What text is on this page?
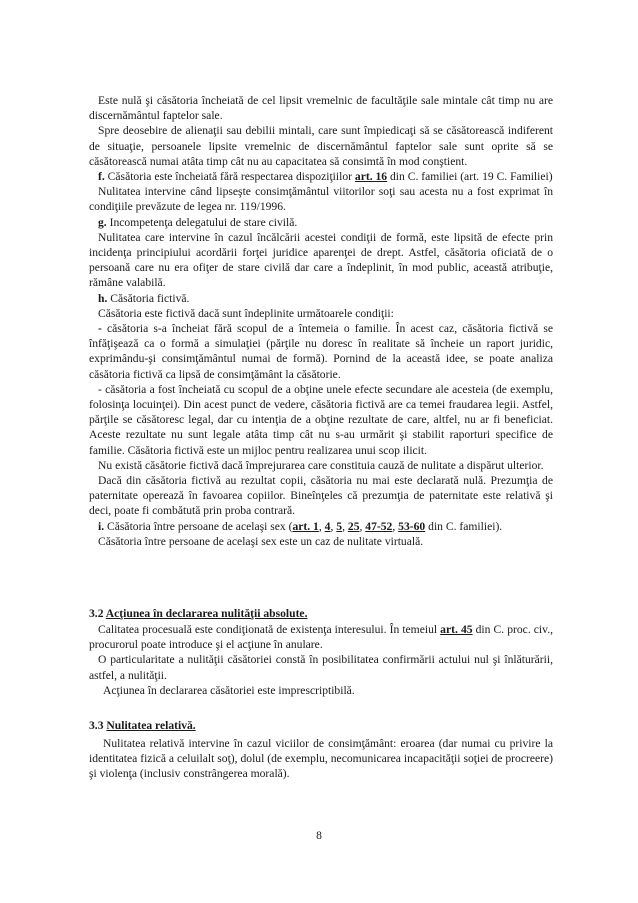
Este nulă şi căsătoria încheiată de cel lipsit vremelnic de facultăţile sale mintale cât timp nu are discernământul faptelor sale.

Spre deosebire de alienaţii sau debilii mintali, care sunt împiedicaţi să se căsătorească indiferent de situaţie, persoanele lipsite vremelnic de discernământul faptelor sale sunt oprite să se căsătorească numai atâta timp cât nu au capacitatea să consimtă în mod conştient.

f. Căsătoria este încheiată fără respectarea dispoziţiilor art. 16 din C. familiei (art. 19 C. Familiei)

Nulitatea intervine când lipseşte consimţământul viitorilor soţi sau acesta nu a fost exprimat în condiţiile prevăzute de legea nr. 119/1996.

g. Incompetenţa delegatului de stare civilă.

Nulitatea care intervine în cazul încălcării acestei condiţii de formă, este lipsită de efecte prin incidenţa principiului acordării forţei juridice aparenţei de drept. Astfel, căsătoria oficiată de o persoană care nu era ofiţer de stare civilă dar care a îndeplinit, în mod public, această atribuţie, rămâne valabilă.

h. Căsătoria fictivă.

Căsătoria este fictivă dacă sunt îndeplinite următoarele condiţii:

- căsătoria s-a încheiat fără scopul de a întemeia o familie. În acest caz, căsătoria fictivă se înfăţişează ca o formă a simulaţiei (părţile nu doresc în realitate să încheie un raport juridic, exprimându-şi consimţământul numai de formă). Pornind de la această idee, se poate analiza căsătoria fictivă ca lipsă de consimţământ la căsătorie.

- căsătoria a fost încheiată cu scopul de a obţine unele efecte secundare ale acesteia (de exemplu, folosinţa locuinţei). Din acest punct de vedere, căsătoria fictivă are ca temei fraudarea legii. Astfel, părţile se căsătoresc legal, dar cu intenţia de a obţine rezultate de care, altfel, nu ar fi beneficiat. Aceste rezultate nu sunt legale atâta timp cât nu s-au urmărit şi stabilit raporturi specifice de familie. Căsătoria fictivă este un mijloc pentru realizarea unui scop ilicit.

Nu există căsătorie fictivă dacă împrejurarea care constituia cauză de nulitate a dispărut ulterior.

Dacă din căsătoria fictivă au rezultat copii, căsătoria nu mai este declarată nulă. Prezumţia de paternitate operează în favoarea copiilor. Bineînţeles că prezumţia de paternitate este relativă şi deci, poate fi combătută prin proba contrară.

i. Căsătoria între persoane de acelaşi sex (art. 1, 4, 5, 25, 47-52, 53-60 din C. familiei).

Căsătoria între persoane de acelaşi sex este un caz de nulitate virtuală.

3.2 Acţiunea în declararea nulităţii absolute.

Calitatea procesuală este condiţionată de existenţa interesului. În temeiul art. 45 din C. proc. civ., procurorul poate introduce şi el acţiune în anulare.

O particularitate a nulităţii căsătoriei constă în posibilitatea confirmării actului nul şi înlăturării, astfel, a nulităţii.

Acţiunea în declararea căsătoriei este imprescriptibilă.

3.3 Nulitatea relativă.

Nulitatea relativă intervine în cazul viciilor de consimţământ: eroarea (dar numai cu privire la identitatea fizică a celuilalt soţ), dolul (de exemplu, necomunicarea incapacităţii soţiei de procreere) şi violenţa (inclusiv constrângerea morală).

8
